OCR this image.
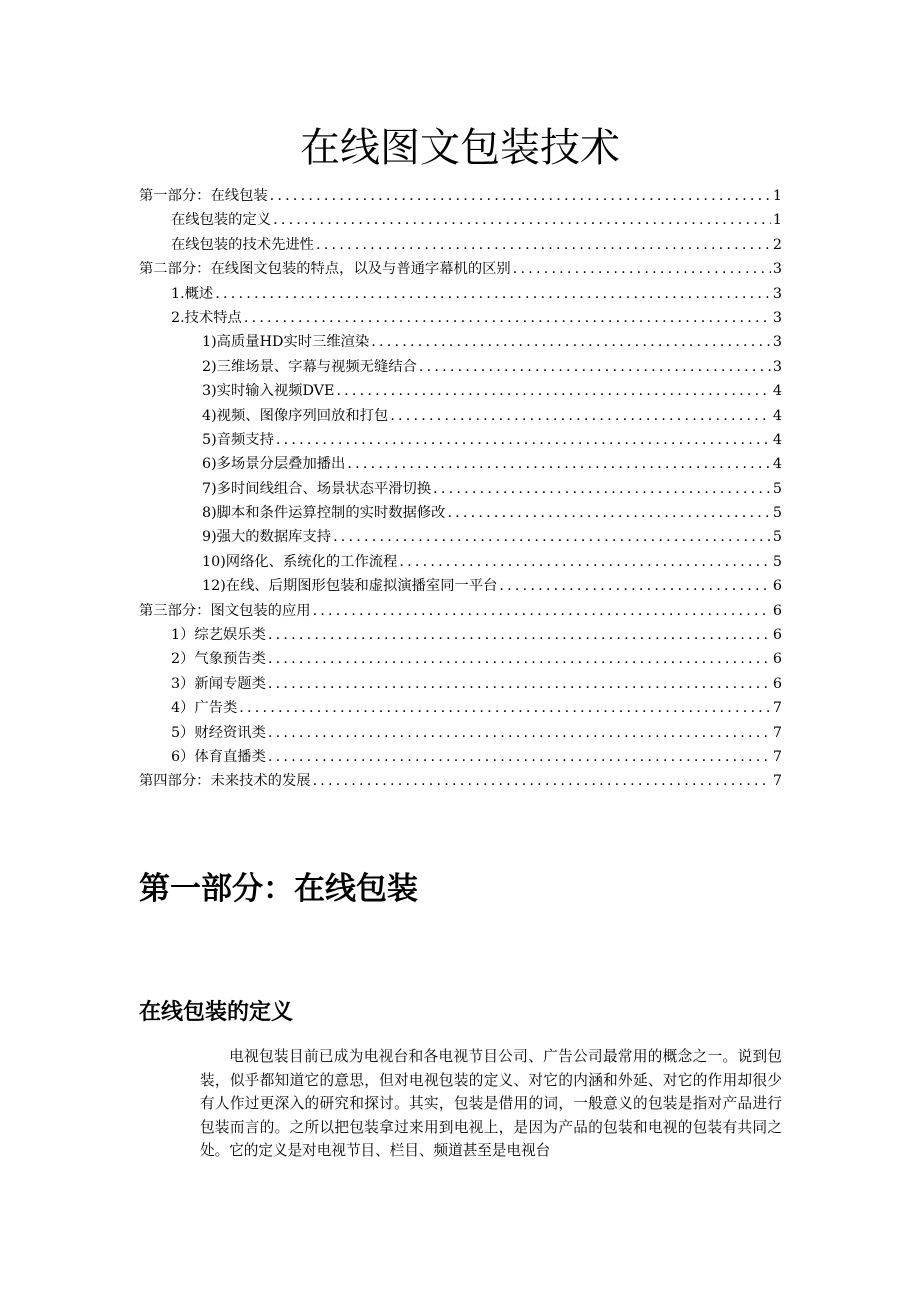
在线图文包装技术
第一部分：在线包装 .....	1
在线包装的定义 .....	1
在线包装的技术先进性 .....	2
第二部分：在线图文包装的特点，以及与普通字幕机的区别 .....	3
1.概述 .....	3
2.技术特点 .....	3
1)高质量HD实时三维渲染 .....	3
2)三维场景、字幕与视频无缝结合 .....	3
3)实时输入视频DVE .....	4
4)视频、图像序列回放和打包 .....	4
5)音频支持 .....	4
6)多场景分层叠加播出 .....	4
7)多时间线组合、场景状态平滑切换 .....	5
8)脚本和条件运算控制的实时数据修改 .....	5
9)强大的数据库支持 .....	5
10)网络化、系统化的工作流程 .....	5
12)在线、后期图形包装和虚拟演播室同一平台 .....	6
第三部分：图文包装的应用 .....	6
1）综艺娱乐类 .....	6
2）气象预告类 .....	6
3）新闻专题类 .....	6
4）广告类 .....	7
5）财经资讯类 .....	7
6）体育直播类 .....	7
第四部分：未来技术的发展 .....	7
第一部分：在线包装
在线包装的定义

电视包装目前已成为电视台和各电视节目公司、广告公司最常用的概念之一。说到包装，似乎都知道它的意思，但对电视包装的定义、对它的内涵和外延、对它的作用却很少有人作过更深入的研究和探讨。其实，包装是借用的词，一般意义的包装是指对产品进行包装而言的。之所以把包装拿过来用到电视上，是因为产品的包装和电视的包装有共同之处。它的定义是对电视节目、栏目、频道甚至是电视台
